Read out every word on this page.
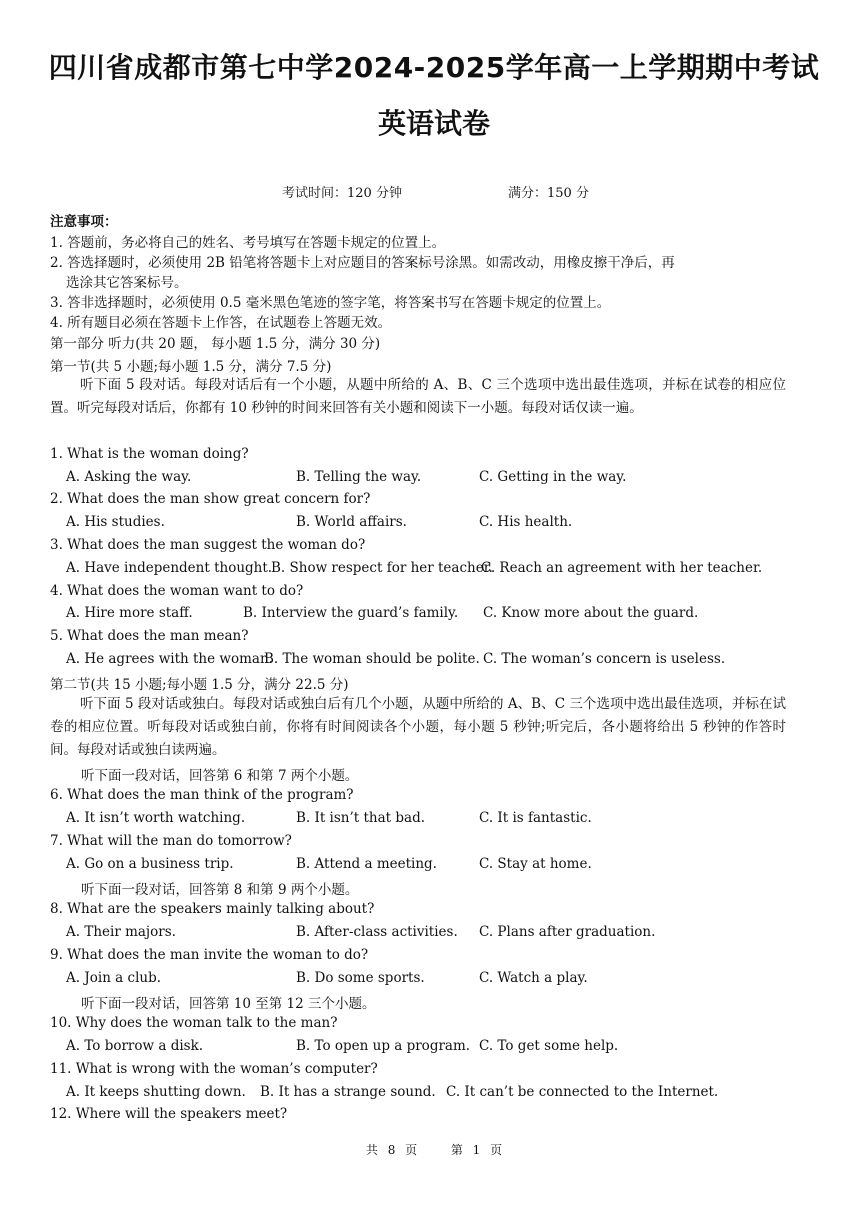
四川省成都市第七中学2024-2025学年高一上学期期中考试
英语试卷
考试时间：120 分钟	满分：150 分
注意事项：
1. 答题前，务必将自己的姓名、考号填写在答题卡规定的位置上。
2. 答选择题时，必须使用 2B 铅笔将答题卡上对应题目的答案标号涂黑。如需改动，用橡皮擦干净后，再
选涂其它答案标号。
3. 答非选择题时，必须使用 0.5 毫米黑色笔迹的签字笔，将答案书写在答题卡规定的位置上。
4. 所有题目必须在答题卡上作答，在试题卷上答题无效。
第一部分 听力(共 20 题， 每小题 1.5 分，满分 30 分)
第一节(共 5 小题;每小题 1.5 分，满分 7.5 分)
听下面 5 段对话。每段对话后有一个小题，从题中所给的 A、B、C 三个选项中选出最佳选项，并标在试卷的相应位置。听完每段对话后，你都有 10 秒钟的时间来回答有关小题和阅读下一小题。每段对话仅读一遍。
1. What is the woman doing?
A. Asking the way.	B. Telling the way.	C. Getting in the way.
2. What does the man show great concern for?
A. His studies.	B. World affairs.	C. His health.
3. What does the man suggest the woman do?
A. Have independent thought.
B. Show respect for her teacher.
C. Reach an agreement with her teacher.
4. What does the woman want to do?
A. Hire more staff.	B. Interview the guard’s family. C. Know more about the guard.
5. What does the man mean?
A. He agrees with the woman.
B. The woman should be polite. C. The woman’s concern is useless.
第二节(共 15 小题;每小题 1.5 分，满分 22.5 分)
听下面 5 段对话或独白。每段对话或独白后有几个小题，从题中所给的 A、B、C 三个选项中选出最佳选项，并标在试卷的相应位置。听每段对话或独白前，你将有时间阅读各个小题，每小题 5 秒钟;听完后，各小题将给出 5 秒钟的作答时间。每段对话或独白读两遍。
听下面一段对话，回答第 6 和第 7 两个小题。
6. What does the man think of the program?
A. It isn’t worth watching.	B. It isn’t that bad.	C. It is fantastic.
7. What will the man do tomorrow?
A. Go on a business trip.	B. Attend a meeting.	C. Stay at home.
听下面一段对话，回答第 8 和第 9 两个小题。
8. What are the speakers mainly talking about?
A. Their majors.	B. After-class activities. C. Plans after graduation.
9. What does the man invite the woman to do?
A. Join a club.	B. Do some sports.	C. Watch a play.
听下面一段对话，回答第 10 至第 12 三个小题。
10. Why does the woman talk to the man?
A. To borrow a disk.	B. To open up a program. C. To get some help.
11. What is wrong with the woman’s computer?
A. It keeps shutting down. B. It has a strange sound. C. It can’t be connected to the Internet.
12. Where will the speakers meet?
共 8 页	第 1 页
